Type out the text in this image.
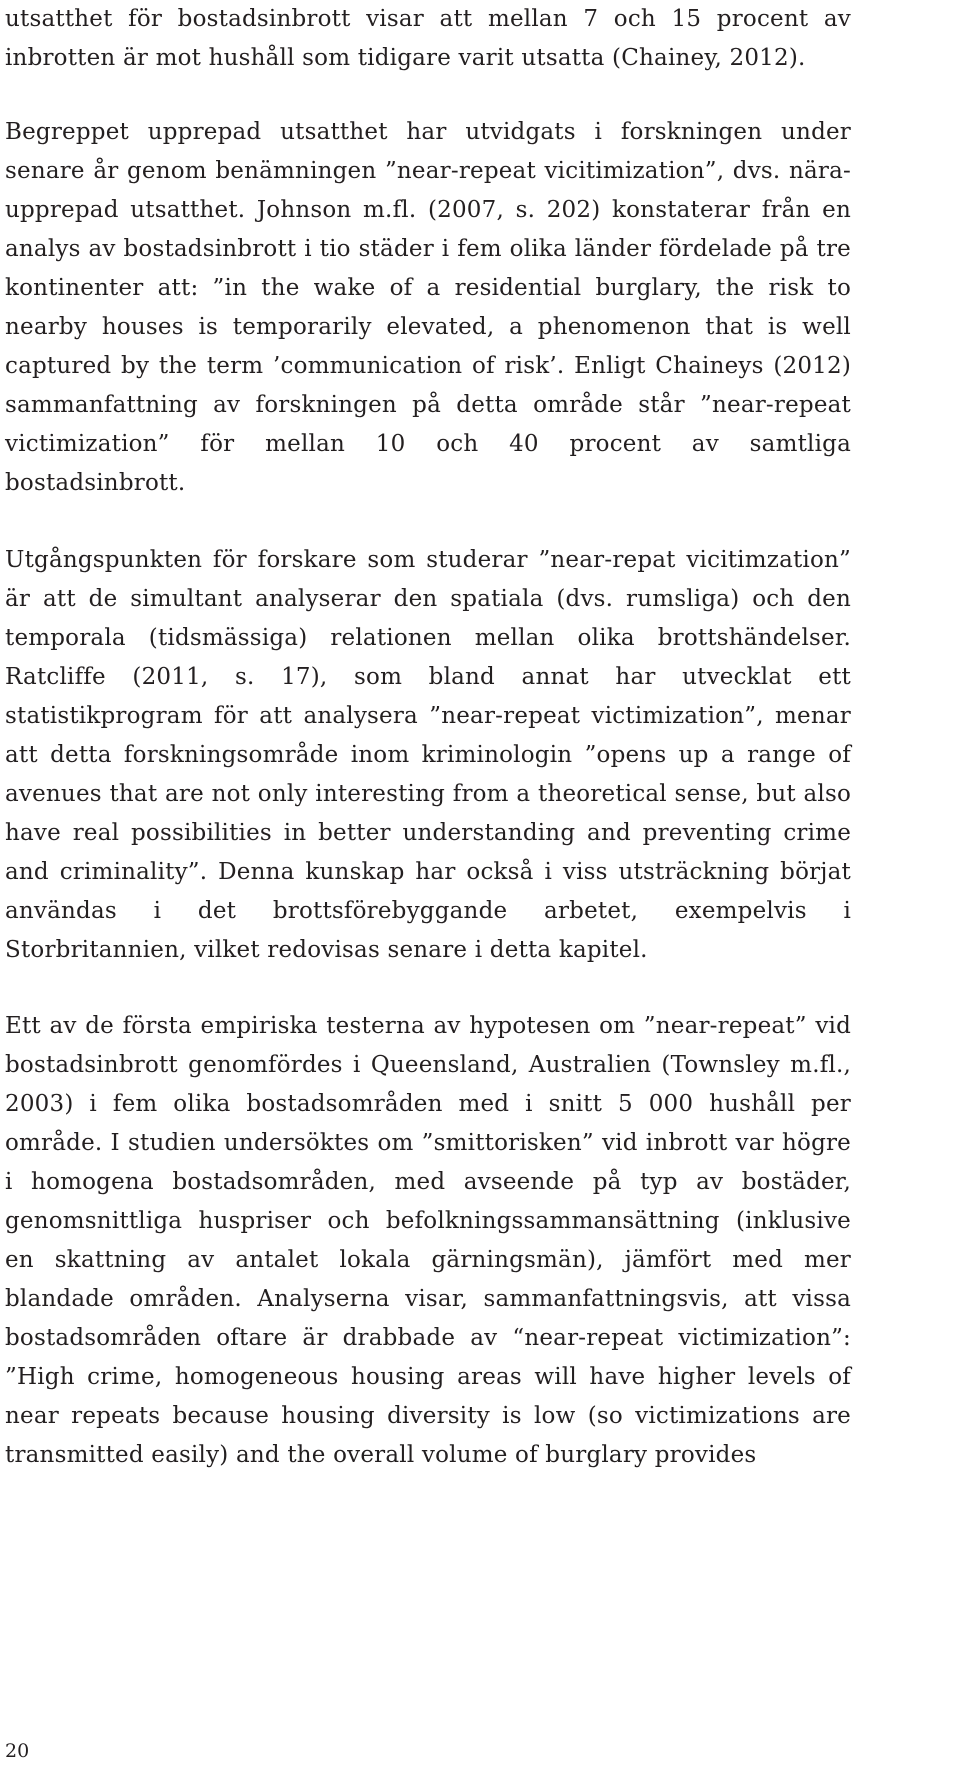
utsatthet för bostadsinbrott visar att mellan 7 och 15 procent av inbrotten är mot hushåll som tidigare varit utsatta (Chainey, 2012).

Begreppet upprepad utsatthet har utvidgats i forskningen under senare år genom benämningen ”near-repeat vicitimization”, dvs. nära-upprepad utsatthet. Johnson m.fl. (2007, s. 202) konstaterar från en analys av bostadsinbrott i tio städer i fem olika länder fördelade på tre kontinenter att: ”in the wake of a residential burglary, the risk to nearby houses is temporarily elevated, a phenomenon that is well captured by the term ’communication of risk’. Enligt Chaineys (2012) sammanfattning av forskningen på detta område står ”near-repeat victimization” för mellan 10 och 40 procent av samtliga bostadsinbrott.

Utgångspunkten för forskare som studerar ”near-repat vicitimzation” är att de simultant analyserar den spatiala (dvs. rumsliga) och den temporala (tidsmässiga) relationen mellan olika brottshändelser. Ratcliffe (2011, s. 17), som bland annat har utvecklat ett statistikprogram för att analysera ”near-repeat victimization”, menar att detta forskningsområde inom kriminologin ”opens up a range of avenues that are not only interesting from a theoretical sense, but also have real possibilities in better understanding and preventing crime and criminality”. Denna kunskap har också i viss utsträckning börjat användas i det brottsförebyggande arbetet, exempelvis i Storbritannien, vilket redovisas senare i detta kapitel.

Ett av de första empiriska testerna av hypotesen om ”near-repeat” vid bostadsinbrott genomfördes i Queensland, Australien (Townsley m.fl., 2003) i fem olika bostadsområden med i snitt 5 000 hushåll per område. I studien undersöktes om ”smittorisken” vid inbrott var högre i homogena bostadsområden, med avseende på typ av bostäder, genomsnittliga huspriser och befolkningssammansättning (inklusive en skattning av antalet lokala gärningsmän), jämfört med mer blandade områden. Analyserna visar, sammanfattningsvis, att vissa bostadsområden oftare är drabbade av “near-repeat victimization”: ”High crime, homogeneous housing areas will have higher levels of near repeats because housing diversity is low (so victimizations are transmitted easily) and the overall volume of burglary provides

20
